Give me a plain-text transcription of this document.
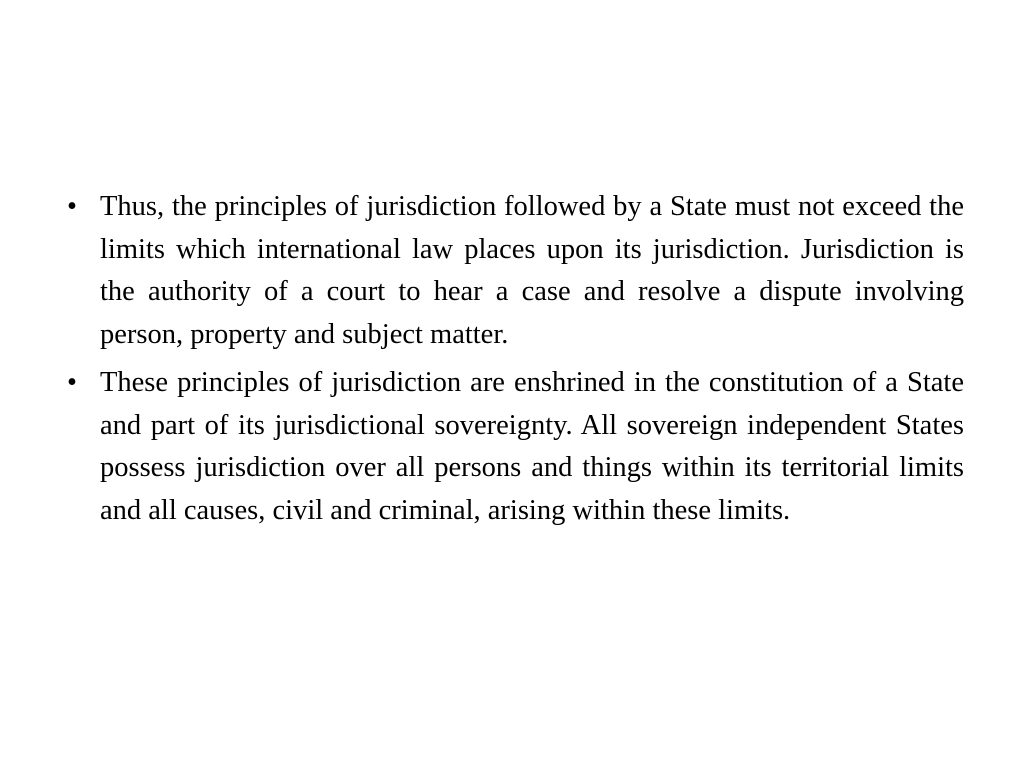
• Thus, the principles of jurisdiction followed by a State must not exceed the limits which international law places upon its jurisdiction. Jurisdiction is the authority of a court to hear a case and resolve a dispute involving person, property and subject matter.
• These principles of jurisdiction are enshrined in the constitution of a State and part of its jurisdictional sovereignty. All sovereign independent States possess jurisdiction over all persons and things within its territorial limits and all causes, civil and criminal, arising within these limits.
